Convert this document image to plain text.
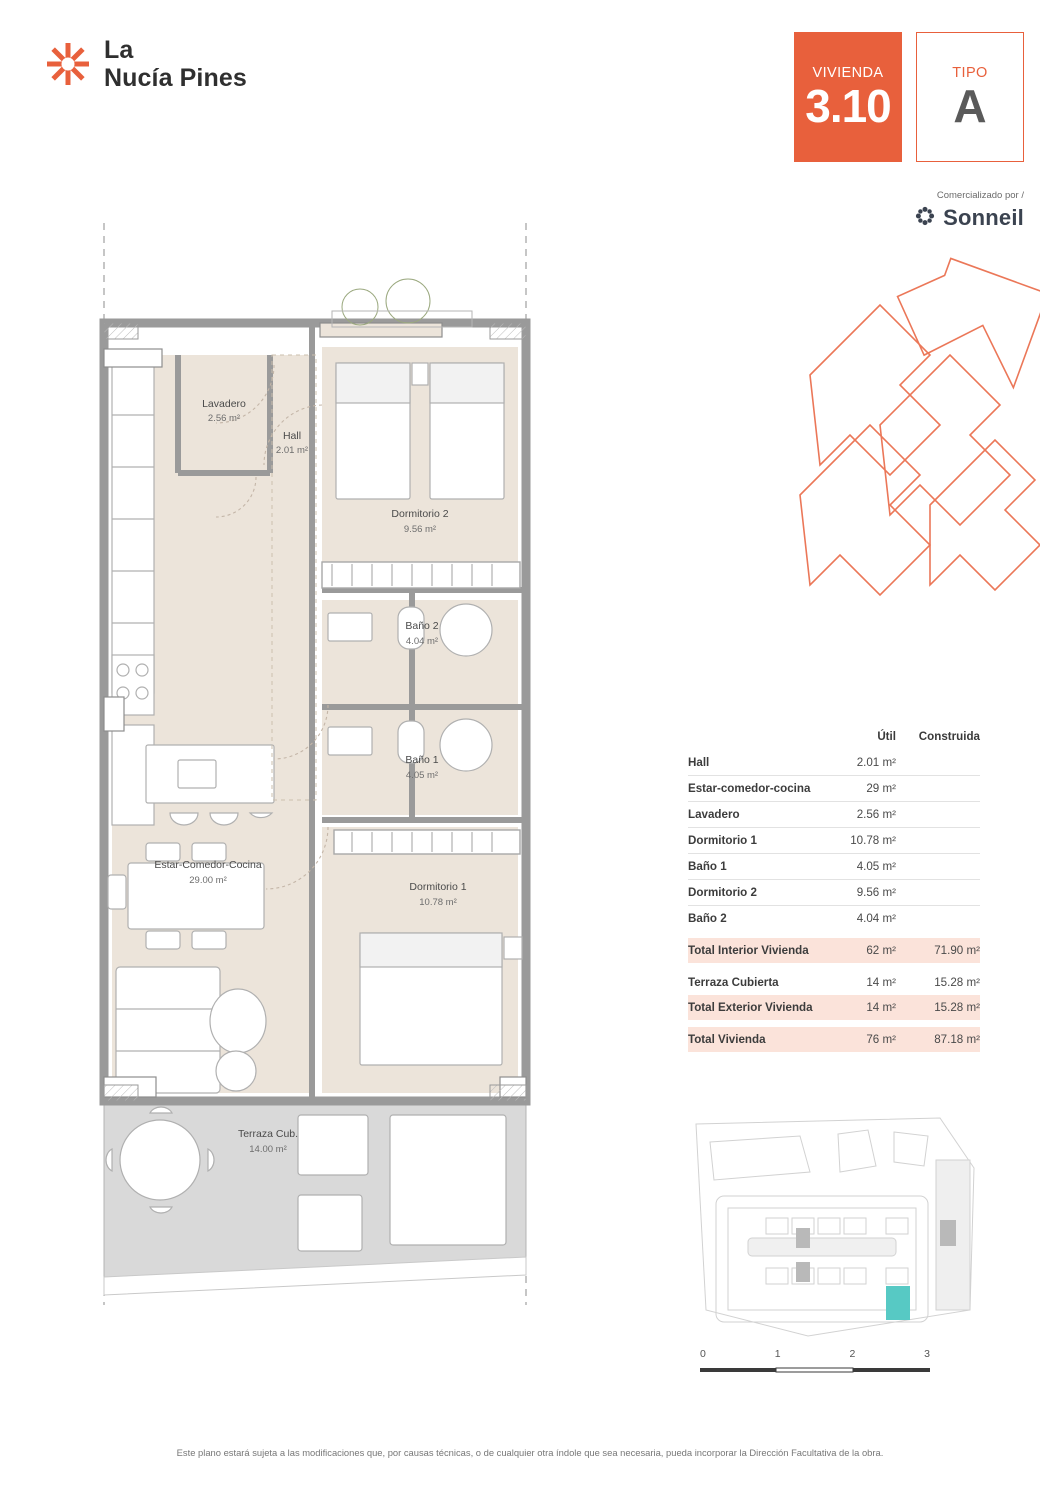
La
Nucía Pines	VIVIENDA
3.10
TIPO
A
Comercializado por /
Sonneil
Lavadero
2.56 m²
Hall
2.01 m²
Dormitorio 2
9.56 m²
Baño 2
4.04 m²
Baño 1
4.05 m²
Estar-Comedor-Cocina
29.00 m²
Dormitorio 1
10.78 m²
Terraza Cub.
14.00 m²
	Útil	Construida
Hall	2.01 m²	
Estar-comedor-cocina	29 m²	
Lavadero	2.56 m²	
Dormitorio 1	10.78 m²	
Baño 1	4.05 m²	
Dormitorio 2	9.56 m²	
Baño 2	4.04 m²	

Total Interior Vivienda	62 m²	71.90 m²

Terraza Cubierta	14 m²	15.28 m²
Total Exterior Vivienda	14 m²	15.28 m²

Total Vivienda	76 m²	87.18 m²
0	1	2	3
Este plano estará sujeta a las modificaciones que, por causas técnicas, o de cualquier otra índole que sea necesaria, pueda incorporar la Dirección Facultativa de la obra.
